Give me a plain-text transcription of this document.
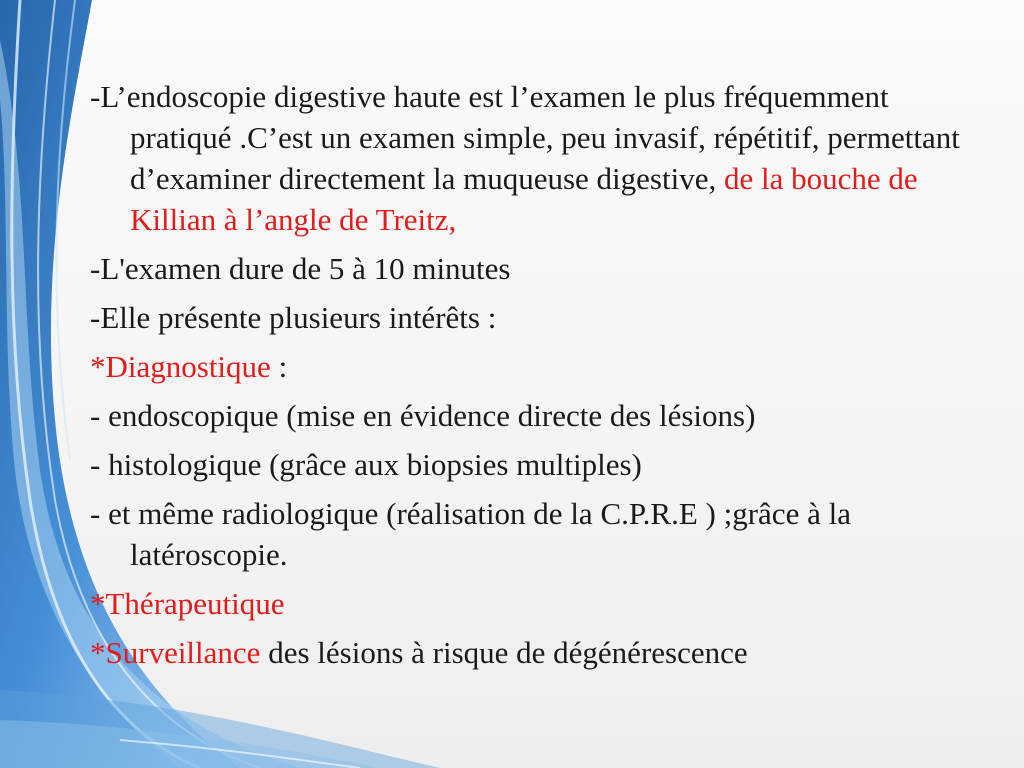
-L’endoscopie digestive haute est l’examen le plus fréquemment pratiqué .C’est un examen simple, peu invasif, répétitif, permettant d’examiner directement la muqueuse digestive, de la bouche de Killian à l’angle de Treitz,

-L'examen dure de 5 à 10 minutes

-Elle présente plusieurs intérêts :

*Diagnostique :

- endoscopique (mise en évidence directe des lésions)

- histologique (grâce aux biopsies multiples)

- et même radiologique (réalisation de la C.P.R.E ) ;grâce à la latéroscopie.

*Thérapeutique

*Surveillance des lésions à risque de dégénérescence
